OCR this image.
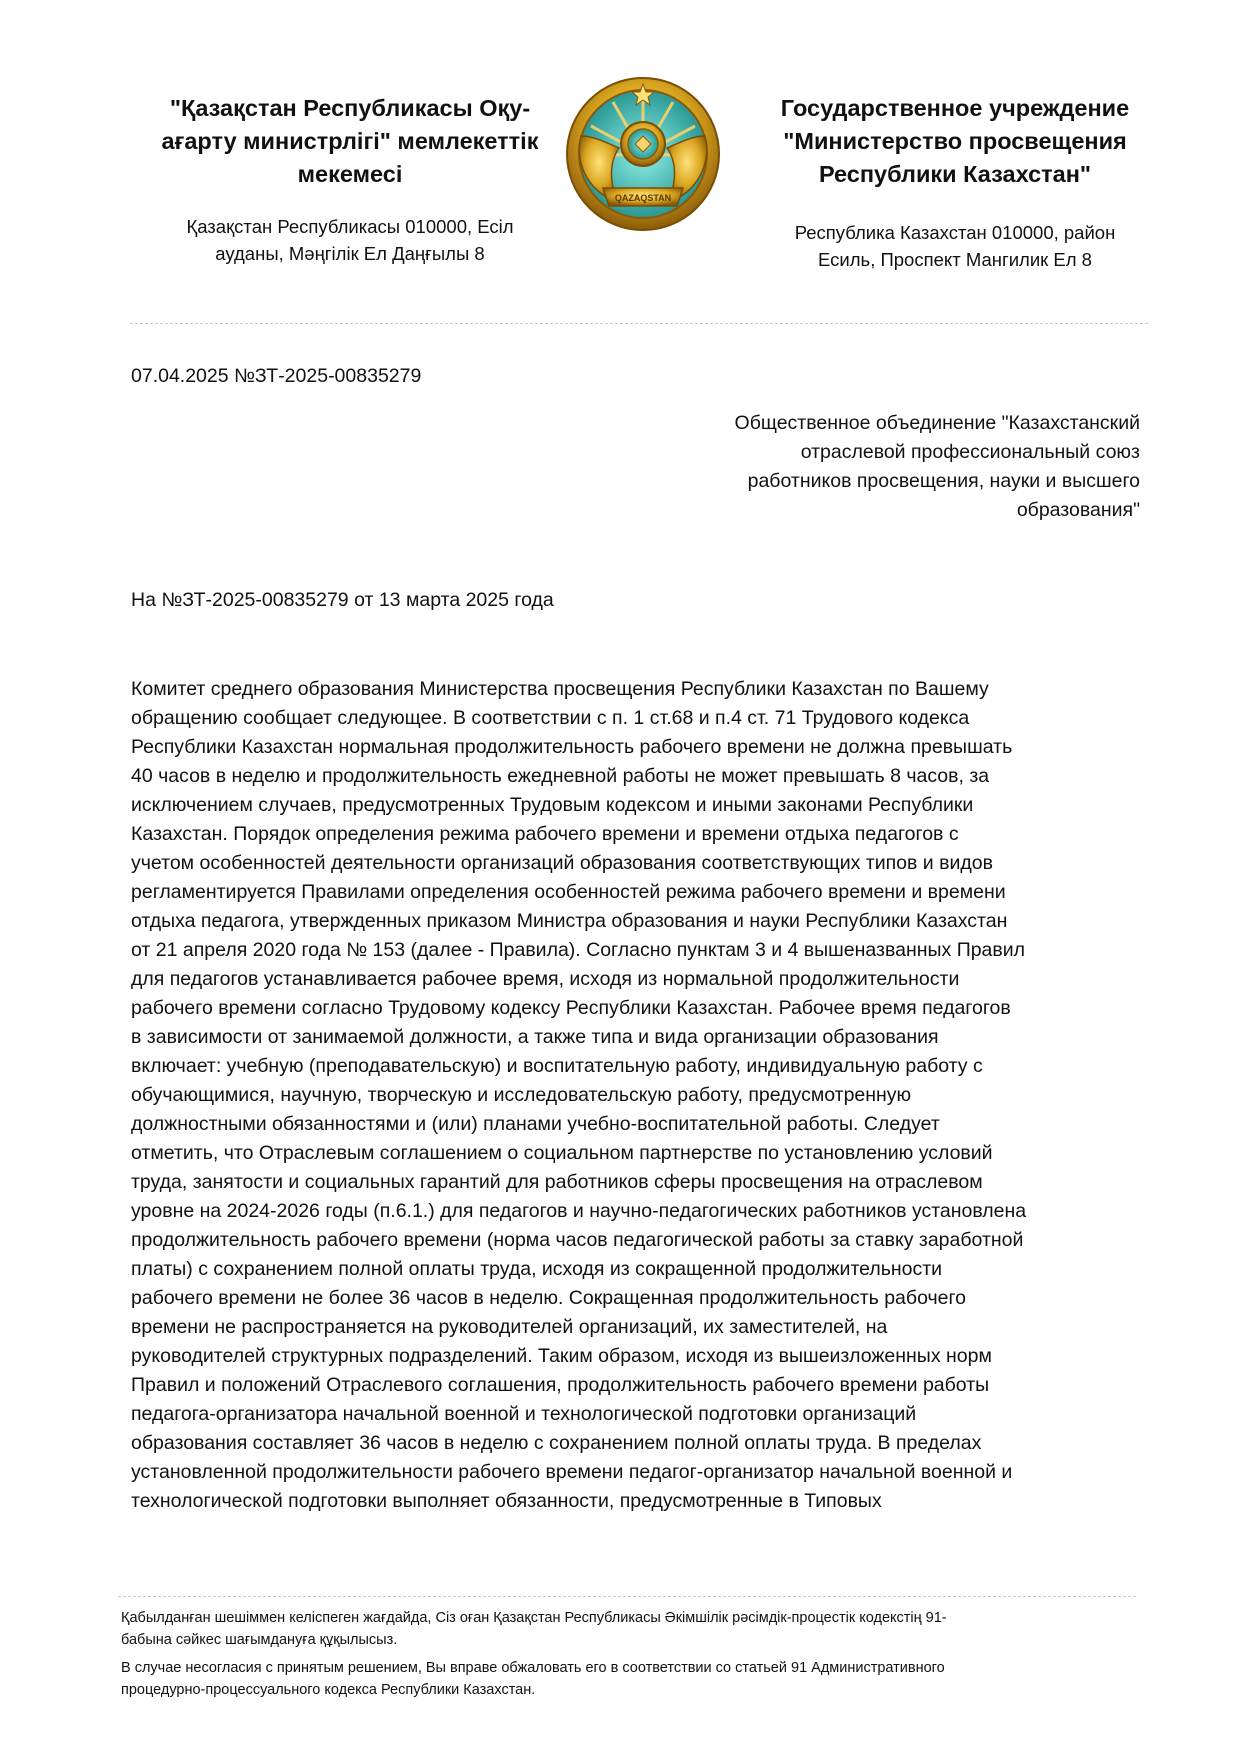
"Қазақстан Республикасы Оқу-
ағарту министрлігі" мемлекеттік
мекемесі
Қазақстан Республикасы 010000, Есіл
ауданы, Мәңгілік Ел Даңғылы 8
QAZAQSTAN
Государственное учреждение
"Министерство просвещения
Республики Казахстан"
Республика Казахстан 010000, район
Есиль, Проспект Мангилик Ел 8
07.04.2025 №ЗТ-2025-00835279
Общественное объединение "Казахстанский
отраслевой профессиональный союз
работников просвещения, науки и высшего
образования"
На №ЗТ-2025-00835279 от 13 марта 2025 года
Комитет среднего образования Министерства просвещения Республики Казахстан по Вашему
обращению сообщает следующее. В соответствии с п. 1 ст.68 и п.4 ст. 71 Трудового кодекса
Республики Казахстан нормальная продолжительность рабочего времени не должна превышать
40 часов в неделю и продолжительность ежедневной работы не может превышать 8 часов, за
исключением случаев, предусмотренных Трудовым кодексом и иными законами Республики
Казахстан. Порядок определения режима рабочего времени и времени отдыха педагогов с
учетом особенностей деятельности организаций образования соответствующих типов и видов
регламентируется Правилами определения особенностей режима рабочего времени и времени
отдыха педагога, утвержденных приказом Министра образования и науки Республики Казахстан
от 21 апреля 2020 года № 153 (далее - Правила). Согласно пунктам 3 и 4 вышеназванных Правил
для педагогов устанавливается рабочее время, исходя из нормальной продолжительности
рабочего времени согласно Трудовому кодексу Республики Казахстан. Рабочее время педагогов
в зависимости от занимаемой должности, а также типа и вида организации образования
включает: учебную (преподавательскую) и воспитательную работу, индивидуальную работу с
обучающимися, научную, творческую и исследовательскую работу, предусмотренную
должностными обязанностями и (или) планами учебно-воспитательной работы. Следует
отметить, что Отраслевым соглашением о социальном партнерстве по установлению условий
труда, занятости и социальных гарантий для работников сферы просвещения на отраслевом
уровне на 2024-2026 годы (п.6.1.) для педагогов и научно-педагогических работников установлена
продолжительность рабочего времени (норма часов педагогической работы за ставку заработной
платы) с сохранением полной оплаты труда, исходя из сокращенной продолжительности
рабочего времени не более 36 часов в неделю. Сокращенная продолжительность рабочего
времени не распространяется на руководителей организаций, их заместителей, на
руководителей структурных подразделений. Таким образом, исходя из вышеизложенных норм
Правил и положений Отраслевого соглашения, продолжительность рабочего времени работы
педагога-организатора начальной военной и технологической подготовки организаций
образования составляет 36 часов в неделю с сохранением полной оплаты труда. В пределах
установленной продолжительности рабочего времени педагог-организатор начальной военной и
технологической подготовки выполняет обязанности, предусмотренные в Типовых

Қабылданған шешіммен келіспеген жағдайда, Сіз оған Қазақстан Республикасы Әкімшілік рәсімдік-процестік кодекстің 91-
бабына сәйкес шағымдануға құқылысыз.

В случае несогласия с принятым решением, Вы вправе обжаловать его в соответствии со статьей 91 Административного
процедурно-процессуального кодекса Республики Казахстан.
